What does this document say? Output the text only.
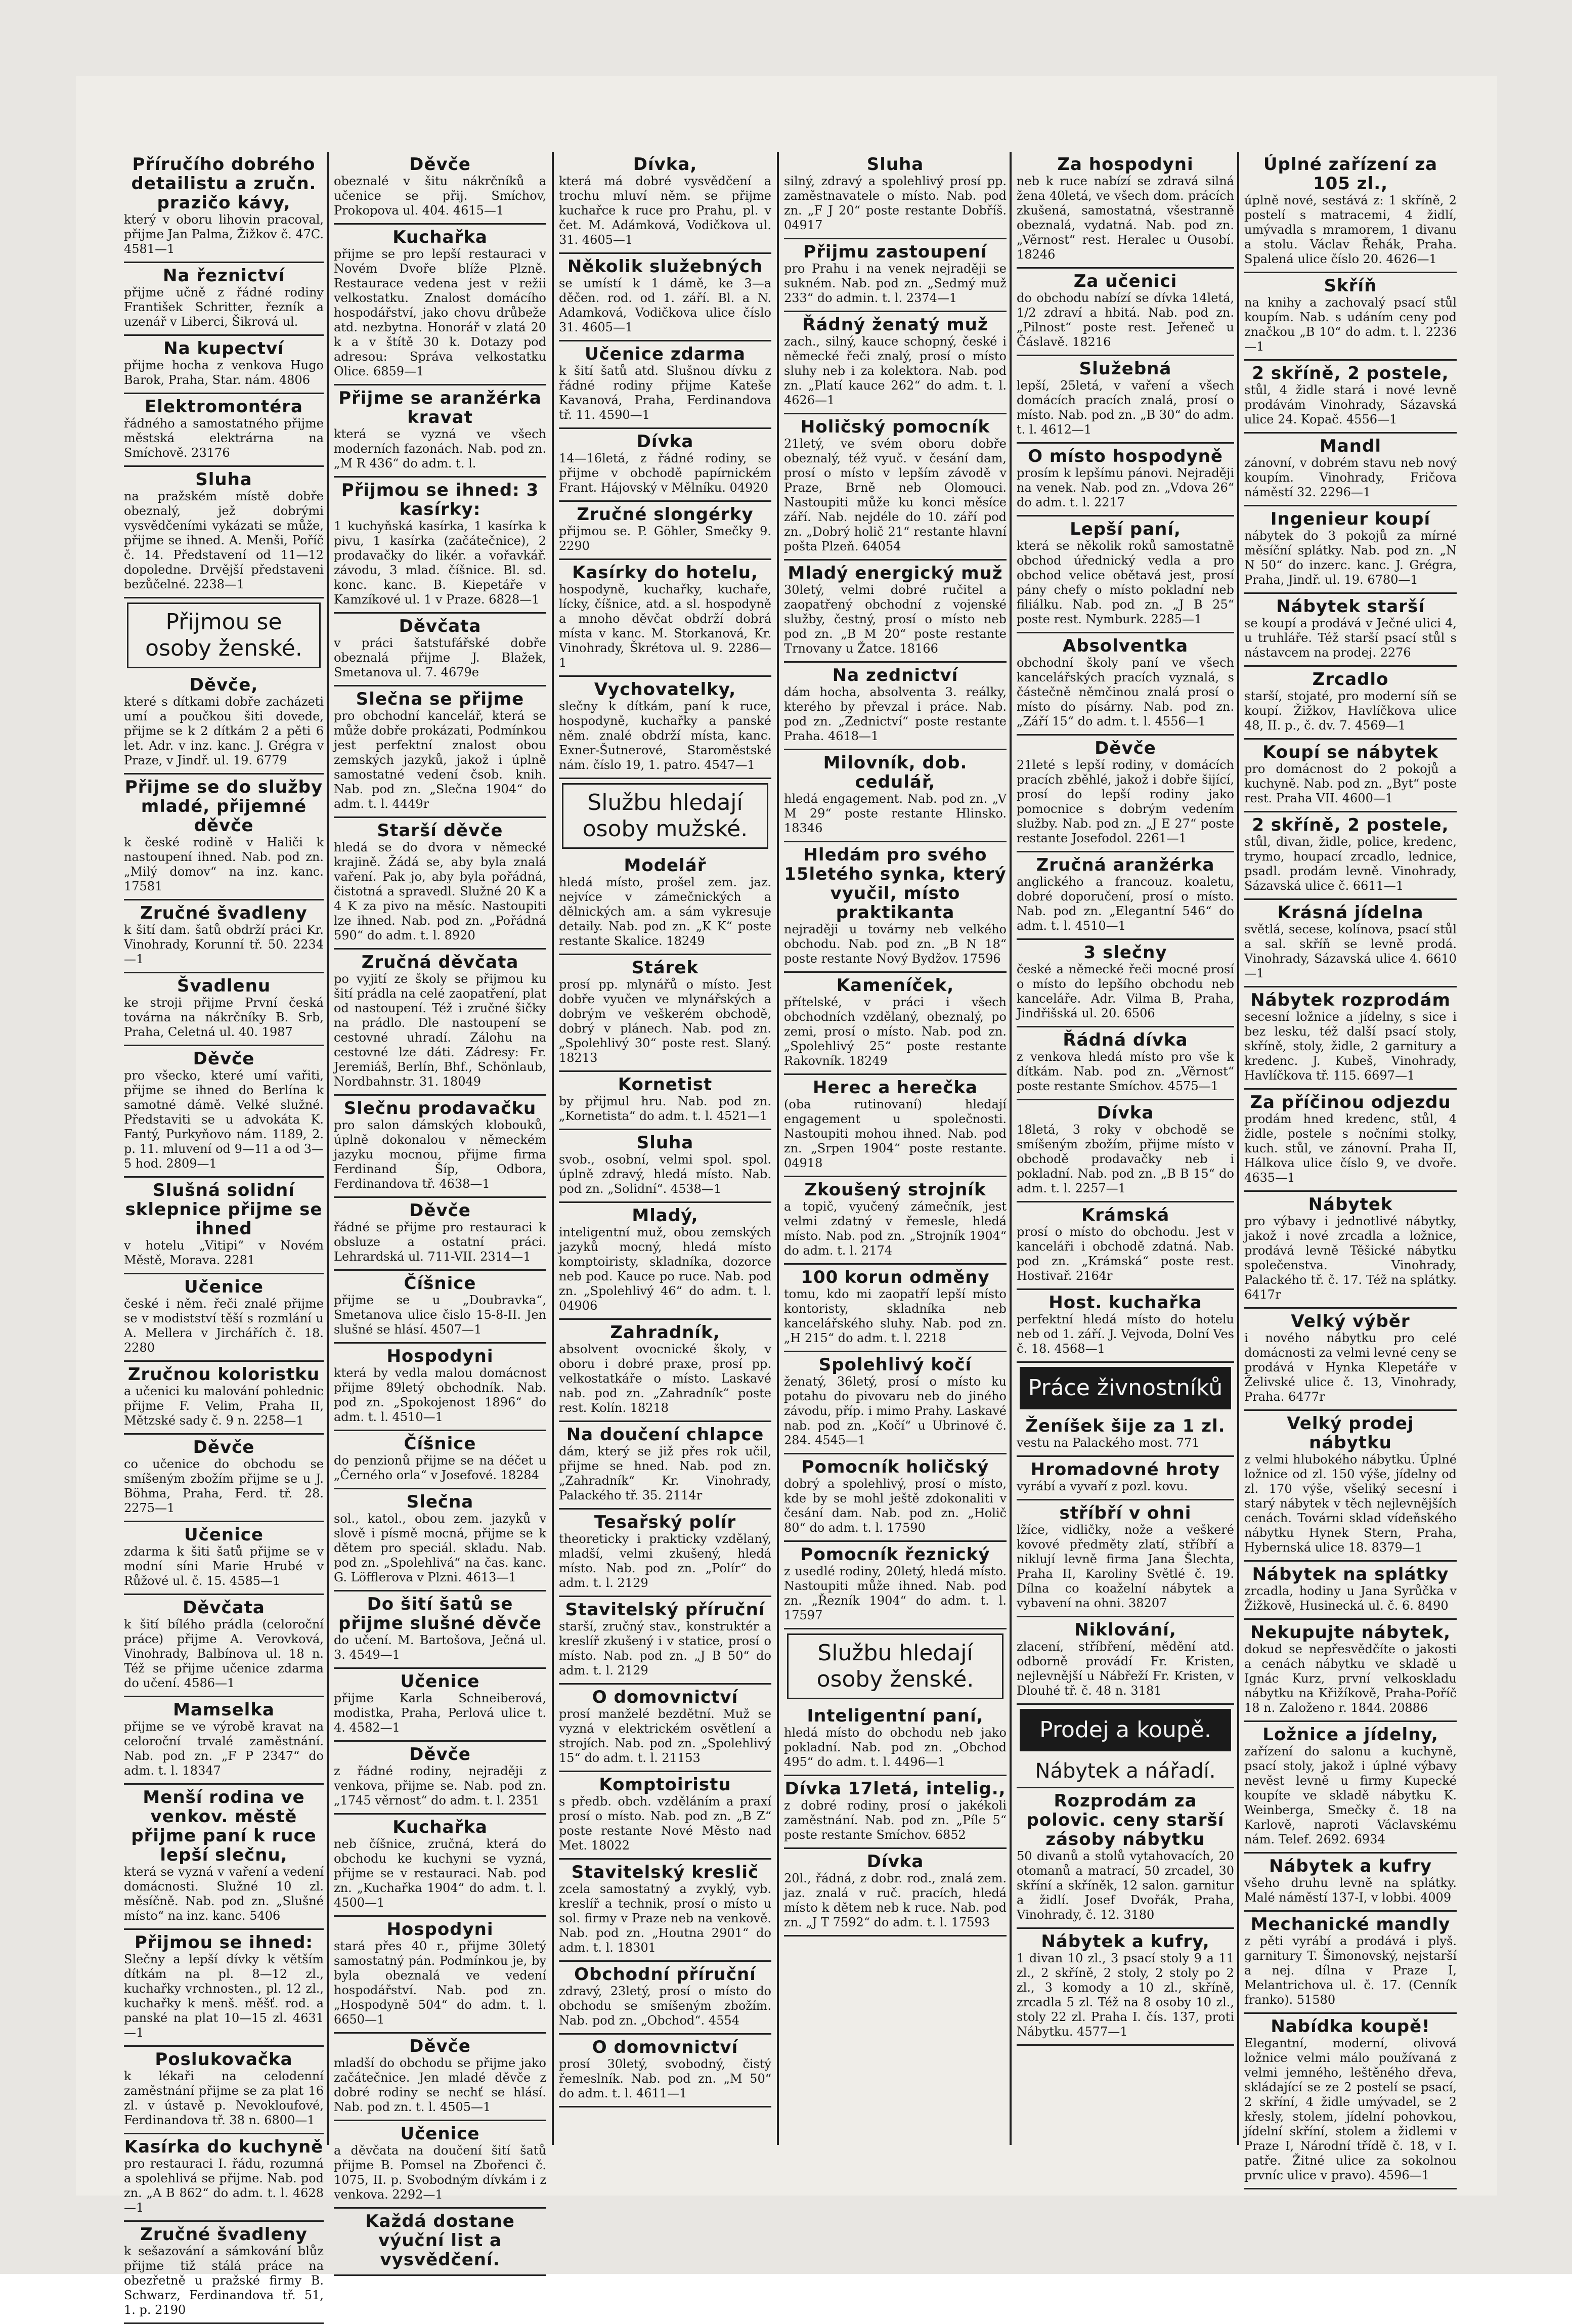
Příručího dobrého detailistu a zručn. prazičo kávy,
který v oboru lihovin pracoval, přijme Jan Palma, Žižkov č. 47C. 4581—1
Na řeznictví
přijme učně z řádné rodiny František Schritter, řezník a uzenář v Liberci, Šikrová ul.
Na kupectví
přijme hocha z venkova Hugo Barok, Praha, Star. nám. 4806
Elektromontéra
řádného a samostatného přijme městská elektrárna na Smíchově. 23176
Sluha
na pražském místě dobře obeznalý, jež dobrými vysvědčeními vykázati se může, přijme se ihned. A. Menši, Poříč č. 14. Představení od 11—12 dopoledne. Drvější představeni bezůčelné. 2238—1
Přijmou se osoby ženské.
Děvče,
které s dítkami dobře zacházeti umí a poučkou šiti dovede, přijme se k 2 dítkám 2 a pěti 6 let. Adr. v inz. kanc. J. Grégra v Praze, v Jindř. ul. 19. 6779
Přijme se do služby mladé, přijemné děvče
k české rodině v Haliči k nastoupení ihned. Nab. pod zn. „Milý domov“ na inz. kanc. 17581
Zručné švadleny
k šití dam. šatů obdrží práci Kr. Vinohrady, Korunní tř. 50. 2234—1
Švadlenu
ke stroji přijme První česká továrna na nákrčníky B. Srb, Praha, Celetná ul. 40. 1987
Děvče
pro všecko, které umí vařiti, přijme se ihned do Berlína k samotné dámě. Velké služné. Představiti se u advokáta K. Fantý, Purkyňovo nám. 1189, 2. p. 11. mluvení od 9—11 a od 3—5 hod. 2809—1
Slušná solidní sklepnice přijme se ihned
v hotelu „Vitipi“ v Novém Městě, Morava. 2281
Učenice
české i něm. řeči znalé přijme se v modistství těší s rozmlání u A. Mellera v Jirchářích č. 18. 2280
Zručnou koloristku
a učenici ku malování pohlednic přijme F. Velim, Praha II, Mětzské sady č. 9 n. 2258—1
Děvče
co učenice do obchodu se smíšeným zbožím přijme se u J. Böhma, Praha, Ferd. tř. 28. 2275—1
Učenice
zdarma k šiti šatů přijme se v modní síni Marie Hrubé v Růžové ul. č. 15. 4585—1
Děvčata
k šití bílého prádla (celoroční práce) přijme A. Verovková, Vinohrady, Balbínova ul. 18 n. Též se přijme učenice zdarma do učení. 4586—1
Mamselka
přijme se ve výrobě kravat na celoroční trvalé zaměstnání. Nab. pod zn. „F P 2347“ do adm. t. l. 18347
Menší rodina ve venkov. městě přijme paní k ruce lepší slečnu,
která se vyzná v vaření a vedení domácnosti. Služné 10 zl. měsíčně. Nab. pod zn. „Slušné místo“ na inz. kanc. 5406
Přijmou se ihned:
Slečny a lepší dívky k větším dítkám na pl. 8—12 zl., kuchařky vrchnosten., pl. 12 zl., kuchařky k menš. měšť. rod. a panské na plat 10—15 zl. 4631—1
Poslukovačka
k lékaři na celodenní zaměstnání přijme se za plat 16 zl. v ústavě p. Nevokloufové, Ferdinandova tř. 38 n. 6800—1
Kasírka do kuchyně
pro restauraci I. řádu, rozumná a spolehlivá se přijme. Nab. pod zn. „A B 862“ do adm. t. l. 4628—1
Zručné švadleny
k sešazování a sámkování blůz přijme tiž stálá práce na obezřetně u pražské firmy B. Schwarz, Ferdinandova tř. 51, 1. p. 2190
Děvče
obeznalé v šitu nákrčníků a učenice se přij. Smíchov, Prokopova ul. 404. 4615—1
Kuchařka
přijme se pro lepší restauraci v Novém Dvoře blíže Plzně. Restaurace vedena jest v režii velkostatku. Znalost domácího hospodářství, jako chovu drůbeže atd. nezbytna. Honorář v zlatá 20 k a v štítě 30 k. Dotazy pod adresou: Správa velkostatku Olice. 6859—1
Přijme se aranžérka kravat
která se vyzná ve všech moderních fazonách. Nab. pod zn. „M R 436“ do adm. t. l.
Přijmou se ihned: 3 kasírky:
1 kuchyňská kasírka, 1 kasírka k pivu, 1 kasírka (začátečnice), 2 prodavačky do likér. a vořavkář. závodu, 3 mlad. číšnice. Bl. sd. konc. kanc. B. Kiepetáře v Kamzíkové ul. 1 v Praze. 6828—1
Děvčata
v práci šatstufářské dobře obeznalá přijme J. Blažek, Smetanova ul. 7. 4679e
Slečna se přijme
pro obchodní kancelář, která se může dobře prokázati, Podmínkou jest perfektní znalost obou zemských jazyků, jakož i úplně samostatné vedení čsob. knih. Nab. pod zn. „Slečna 1904“ do adm. t. l. 4449r
Starší děvče
hledá se do dvora v německé krajině. Žádá se, aby byla znalá vaření. Pak jo, aby byla pořádná, čistotná a spravedl. Služné 20 K a 4 K za pivo na měsíc. Nastoupiti lze ihned. Nab. pod zn. „Pořádná 590“ do adm. t. l. 8920
Zručná děvčata
po vyjití ze školy se přijmou ku šití prádla na celé zaopatření, plat od nastoupení. Též i zručné šičky na prádlo. Dle nastoupení se cestovné uhradí. Zálohu na cestovné lze dáti. Zádresy: Fr. Jeremiáš, Berlín, Bhf., Schönlaub, Nordbahnstr. 31. 18049
Slečnu prodavačku
pro salon dámských klobouků, úplně dokonalou v německém jazyku mocnou, přijme firma Ferdinand Šíp, Odbora, Ferdinandova tř. 4638—1
Děvče
řádné se přijme pro restauraci k obsluze a ostatní práci. Lehrardská ul. 711-VII. 2314—1
Číšnice
přijme se u „Doubravka“, Smetanova ulice čislo 15-8-II. Jen slušné se hlásí. 4507—1
Hospodyni
která by vedla malou domácnost přijme 89letý obchodník. Nab. pod zn. „Spokojenost 1896“ do adm. t. l. 4510—1
Číšnice
do penzionů přijme se na déčet u „Černého orla“ v Josefové. 18284
Slečna
sol., katol., obou zem. jazyků v slově i písmě mocná, přijme se k dětem pro speciál. skladu. Nab. pod zn. „Spolehlivá“ na čas. kanc. G. Löfflerova v Plzni. 4613—1
Do šití šatů se přijme slušné děvče
do učení. M. Bartošova, Ječná ul. 3. 4549—1
Učenice
přijme Karla Schneiberová, modistka, Praha, Perlová ulice t. 4. 4582—1
Děvče
z řádné rodiny, nejraději z venkova, přijme se. Nab. pod zn. „1745 věrnost“ do adm. t. l. 2351
Kuchařka
neb číšnice, zručná, která do obchodu ke kuchyni se vyzná, přijme se v restauraci. Nab. pod zn. „Kuchařka 1904“ do adm. t. l. 4500—1
Hospodyni
stará přes 40 r., přijme 30letý samostatný pán. Podmínkou je, by byla obeznalá ve vedení hospodářství. Nab. pod zn. „Hospodyně 504“ do adm. t. l. 6650—1
Děvče
mladší do obchodu se přijme jako začátečnice. Jen mladé děvče z dobré rodiny se nechť se hlásí. Nab. pod zn. t. l. 4505—1
Učenice
a děvčata na doučení šití šatů přijme B. Pomsel na Zbořenci č. 1075, II. p. Svobodným dívkám i z venkova. 2292—1
Každá dostane výuční list a vysvědčení.
Dívka,
která má dobré vysvědčení a trochu mluví něm. se přijme kuchařce k ruce pro Prahu, pl. v čet. M. Adámková, Vodičkova ul. 31. 4605—1
Několik služebných
se umístí k 1 dámě, ke 3—a děčen. rod. od 1. září. Bl. a N. Adamková, Vodičkova ulice číslo 31. 4605—1
Učenice zdarma
k šití šatů atd. Slušnou dívku z řádné rodiny přijme Kateše Kavanová, Praha, Ferdinandova tř. 11. 4590—1
Dívka
14—16letá, z řádné rodiny, se přijme v obchodě papírnickém Frant. Hájovský v Mělníku. 04920
Zručné slongérky
přijmou se. P. Göhler, Smečky 9. 2290
Kasírky do hotelu,
hospodyně, kuchařky, kuchaře, lícky, číšnice, atd. a sl. hospodyně a mnoho děvčat obdrží dobrá místa v kanc. M. Storkanová, Kr. Vinohrady, Škrétova ul. 9. 2286—1
Vychovatelky,
slečny k dítkám, paní k ruce, hospodyně, kuchařky a panské něm. znalé obdrží místa, kanc. Exner-Šutnerové, Staroměstské nám. číslo 19, 1. patro. 4547—1
Službu hledají osoby mužské.
Modelář
hledá místo, prošel zem. jaz. nejvíce v zámečnických a dělnických am. a sám vykresuje detaily. Nab. pod zn. „K K“ poste restante Skalice. 18249
Stárek
prosí pp. mlynářů o místo. Jest dobře vyučen ve mlynářských a dobrým ve veškerém obchodě, dobrý v plánech. Nab. pod zn. „Spolehlivý 30“ poste rest. Slaný. 18213
Kornetist
by přijmul hru. Nab. pod zn. „Kornetista“ do adm. t. l. 4521—1
Sluha
svob., osobní, velmi spol. spol. úplně zdravý, hledá místo. Nab. pod zn. „Solidní“. 4538—1
Mladý,
inteligentní muž, obou zemských jazyků mocný, hledá místo komptoiristy, skladníka, dozorce neb pod. Kauce po ruce. Nab. pod zn. „Spolehlivý 46“ do adm. t. l. 04906
Zahradník,
absolvent ovocnické školy, v oboru i dobré praxe, prosí pp. velkostatkáře o místo. Laskavé nab. pod zn. „Zahradník“ poste rest. Kolín. 18218
Na doučení chlapce
dám, který se již přes rok učil, přijme se hned. Nab. pod zn. „Zahradník“ Kr. Vinohrady, Palackého tř. 35. 2114r
Tesařský polír
theoreticky i prakticky vzdělaný, mladší, velmi zkušený, hledá místo. Nab. pod zn. „Polír“ do adm. t. l. 2129
Stavitelský příruční
starší, zručný stav., konstruktér a kreslíř zkušený i v statice, prosí o místo. Nab. pod zn. „J B 50“ do adm. t. l. 2129
O domovnictví
prosí manželé bezdětní. Muž se vyzná v elektrickém osvětlení a strojích. Nab. pod zn. „Spolehlivý 15“ do adm. t. l. 21153
Komptoiristu
s předb. obch. vzděláním a praxí prosí o místo. Nab. pod zn. „B Z“ poste restante Nové Město nad Met. 18022
Stavitelský kreslič
zcela samostatný a zvyklý, vyb. kreslíř a technik, prosí o místo u sol. firmy v Praze neb na venkově. Nab. pod zn. „Houtna 2901“ do adm. t. l. 18301
Obchodní příruční
zdravý, 23letý, prosí o místo do obchodu se smíšeným zbožím. Nab. pod zn. „Obchod“. 4554
O domovnictví
prosí 30letý, svobodný, čistý řemeslník. Nab. pod zn. „M 50“ do adm. t. l. 4611—1
Sluha
silný, zdravý a spolehlivý prosí pp. zaměstnavatele o místo. Nab. pod zn. „F J 20“ poste restante Dobříš. 04917
Přijmu zastoupení
pro Prahu i na venek nejraději se sukném. Nab. pod zn. „Sedmý muž 233“ do admin. t. l. 2374—1
Řádný ženatý muž
zach., silný, kauce schopný, české i německé řeči znalý, prosí o místo sluhy neb i za kolektora. Nab. pod zn. „Platí kauce 262“ do adm. t. l. 4626—1
Holičský pomocník
21letý, ve svém oboru dobře obeznalý, též vyuč. v česání dam, prosí o místo v lepším závodě v Praze, Brně neb Olomouci. Nastoupiti může ku konci měsíce září. Nab. nejdéle do 10. září pod zn. „Dobrý holič 21“ restante hlavní pošta Plzeň. 64054
Mladý energický muž
30letý, velmi dobré ručitel a zaopatřený obchodní z vojenské služby, čestný, prosí o místo neb pod zn. „B M 20“ poste restante Trnovany u Žatce. 18166
Na zednictví
dám hocha, absolventa 3. reálky, kterého by převzal i práce. Nab. pod zn. „Zednictví“ poste restante Praha. 4618—1
Milovník, dob. cedulář,
hledá engagement. Nab. pod zn. „V M 29“ poste restante Hlinsko. 18346
Hledám pro svého 15letého synka, který vyučil, místo praktikanta
nejraději u továrny neb velkého obchodu. Nab. pod zn. „B N 18“ poste restante Nový Bydžov. 17596
Kameníček,
přítelské, v práci i všech obchodních vzdělaný, obeznalý, po zemi, prosí o místo. Nab. pod zn. „Spolehlivý 25“ poste restante Rakovník. 18249
Herec a herečka
(oba rutinovaní) hledají engagement u společnosti. Nastoupiti mohou ihned. Nab. pod zn. „Srpen 1904“ poste restante. 04918
Zkoušený strojník
a topič, vyučený zámečník, jest velmi zdatný v řemesle, hledá místo. Nab. pod zn. „Strojník 1904“ do adm. t. l. 2174
100 korun odměny
tomu, kdo mi zaopatří lepší místo kontoristy, skladníka neb kancelářského sluhy. Nab. pod zn. „H 215“ do adm. t. l. 2218
Spolehlivý kočí
ženatý, 36letý, prosí o místo ku potahu do pivovaru neb do jiného závodu, příp. i mimo Prahy. Laskavé nab. pod zn. „Kočí“ u Ubrinové č. 284. 4545—1
Pomocník holičský
dobrý a spolehlivý, prosí o místo, kde by se mohl ještě zdokonaliti v česání dam. Nab. pod zn. „Holič 80“ do adm. t. l. 17590
Pomocník řeznický
z usedlé rodiny, 20letý, hledá místo. Nastoupiti může ihned. Nab. pod zn. „Řezník 1904“ do adm. t. l. 17597
Službu hledají osoby ženské.
Inteligentní paní,
hledá místo do obchodu neb jako pokladní. Nab. pod zn. „Obchod 495“ do adm. t. l. 4496—1
Dívka 17letá, intelig.,
z dobré rodiny, prosí o jakékoli zaměstnání. Nab. pod zn. „Píle 5“ poste restante Smíchov. 6852
Dívka
20l., řádná, z dobr. rod., znalá zem. jaz. znalá v ruč. pracích, hledá místo k dětem neb k ruce. Nab. pod zn. „J T 7592“ do adm. t. l. 17593
Za hospodyni
neb k ruce nabízí se zdravá silná žena 40letá, ve všech dom. prácích zkušená, samostatná, všestranně obeznalá, vydatná. Nab. pod zn. „Věrnost“ rest. Heralec u Ousobí. 18246
Za učenici
do obchodu nabízí se dívka 14letá, 1/2 zdraví a hbitá. Nab. pod zn. „Pilnost“ poste rest. Jeřeneč u Čáslavě. 18216
Služebná
lepší, 25letá, v vaření a všech domácích pracích znalá, prosí o místo. Nab. pod zn. „B 30“ do adm. t. l. 4612—1
O místo hospodyně
prosím k lepšímu pánovi. Nejraději na venek. Nab. pod zn. „Vdova 26“ do adm. t. l. 2217
Lepší paní,
která se několik roků samostatně obchod úřednický vedla a pro obchod velice obětavá jest, prosí pány chefy o místo pokladní neb filiálku. Nab. pod zn. „J B 25“ poste rest. Nymburk. 2285—1
Absolventka
obchodní školy paní ve všech kancelářských pracích vyznalá, s částečně němčinou znalá prosí o místo do písárny. Nab. pod zn. „Září 15“ do adm. t. l. 4556—1
Děvče
21leté s lepší rodiny, v domácích pracích zběhlé, jakož i dobře šijící, prosí do lepší rodiny jako pomocnice s dobrým vedením služby. Nab. pod zn. „J E 27“ poste restante Josefodol. 2261—1
Zručná aranžérka
anglického a francouz. koaletu, dobré doporučení, prosí o místo. Nab. pod zn. „Elegantní 546“ do adm. t. l. 4510—1
3 slečny
české a německé řeči mocné prosí o místo do lepšího obchodu neb kanceláře. Adr. Vilma B, Praha, Jindřišská ul. 20. 6506
Řádná dívka
z venkova hledá místo pro vše k dítkám. Nab. pod zn. „Věrnost“ poste restante Smíchov. 4575—1
Dívka
18letá, 3 roky v obchodě se smíšeným zbožím, přijme místo v obchodě prodavačky neb i pokladní. Nab. pod zn. „B B 15“ do adm. t. l. 2257—1
Krámská
prosí o místo do obchodu. Jest v kanceláři i obchodě zdatná. Nab. pod zn. „Krámská“ poste rest. Hostivař. 2164r
Host. kuchařka
perfektní hledá místo do hotelu neb od 1. září. J. Vejvoda, Dolní Ves č. 18. 4568—1
Práce živnostníků
Ženíšek šije za 1 zl.
vestu na Palackého most. 771
Hromadovné hroty
vyrábí a vyvaří z pozl. kovu.
stříbří v ohni
lžíce, vidličky, nože a veškeré kovové předměty zlatí, stříbří a niklují levně firma Jana Šlechta, Praha II, Karoliny Světlé č. 19. Dílna co koaželní nábytek a vybavení na ohni. 38207
Niklování,
zlacení, stříbření, mědění atd. odborně provádí Fr. Kristen, nejlevnější u Nábřeží Fr. Kristen, v Dlouhé tř. č. 48 n. 3181
Prodej a koupě.
Nábytek a nářadí.
Rozprodám za polovic. ceny starší zásoby nábytku
50 divanů a stolů vytahovacích, 20 otomanů a matrací, 50 zrcadel, 30 skříní a skříněk, 12 salon. garnitur a židlí. Josef Dvořák, Praha, Vinohrady, č. 12. 3180
Nábytek a kufry,
1 divan 10 zl., 3 psací stoly 9 a 11 zl., 2 skříně, 2 stoly, 2 stoly po 2 zl., 3 komody a 10 zl., skříně, zrcadla 5 zl. Též na 8 osoby 10 zl., stoly 22 zl. Praha I. čís. 137, proti Nábytku. 4577—1
Úplné zařízení za 105 zl.,
úplně nové, sestává z: 1 skříně, 2 postelí s matracemi, 4 židlí, umývadla s mramorem, 1 divanu a stolu. Václav Řehák, Praha. Spalená ulice číslo 20. 4626—1
Skříň
na knihy a zachovalý psací stůl koupím. Nab. s udáním ceny pod značkou „B 10“ do adm. t. l. 2236—1
2 skříně, 2 postele,
stůl, 4 židle stará i nové levně prodávám Vinohrady, Sázavská ulice 24. Kopač. 4556—1
Mandl
zánovní, v dobrém stavu neb nový koupím. Vinohrady, Fričova náměstí 32. 2296—1
Ingenieur koupí
nábytek do 3 pokojů za mírné měsíční splátky. Nab. pod zn. „N N 50“ do inzerc. kanc. J. Grégra, Praha, Jindř. ul. 19. 6780—1
Nábytek starší
se koupí a prodává v Ječné ulici 4, u truhláře. Též starší psací stůl s nástavcem na prodej. 2276
Zrcadlo
starší, stojaté, pro moderní síň se koupí. Žižkov, Havlíčkova ulice 48, II. p., č. dv. 7. 4569—1
Koupí se nábytek
pro domácnost do 2 pokojů a kuchyně. Nab. pod zn. „Byt“ poste rest. Praha VII. 4600—1
2 skříně, 2 postele,
stůl, divan, židle, police, kredenc, trymo, houpací zrcadlo, lednice, psadl. prodám levně. Vinohrady, Sázavská ulice č. 6611—1
Krásná jídelna
světlá, secese, kolínova, psací stůl a sal. skříň se levně prodá. Vinohrady, Sázavská ulice 4. 6610—1
Nábytek rozprodám
secesní ložnice a jídelny, s sice i bez lesku, též další psací stoly, skříně, stoly, židle, 2 garnitury a kredenc. J. Kubeš, Vinohrady, Havlíčkova tř. 115. 6697—1
Za příčinou odjezdu
prodám hned kredenc, stůl, 4 židle, postele s nočními stolky, kuch. stůl, ve zánovní. Praha II, Hálkova ulice číslo 9, ve dvoře. 4635—1
Nábytek
pro výbavy i jednotlivé nábytky, jakož i nové zrcadla a ložnice, prodává levně Těšické nábytku společenstva. Vinohrady, Palackého tř. č. 17. Též na splátky. 6417r
Velký výběr
i nového nábytku pro celé domácnosti za velmi levné ceny se prodává v Hynka Klepetáře v Želivské ulice č. 13, Vinohrady, Praha. 6477r
Velký prodej nábytku
z velmi hlubokého nábytku. Úplné ložnice od zl. 150 výše, jídelny od zl. 170 výše, všeliký secesní i starý nábytek v těch nejlevnějších cenách. Továrni sklad vídeňského nábytku Hynek Stern, Praha, Hybernská ulice 18. 8379—1
Nábytek na splátky
zrcadla, hodiny u Jana Syrůčka v Žižkově, Husinecká ul. č. 6. 8490
Nekupujte nábytek,
dokud se nepřesvědčíte o jakosti a cenách nábytku ve skladě u Ignác Kurz, první velkoskladu nábytku na Křižíkově, Praha-Poříč 18 n. Založeno r. 1844. 20886
Ložnice a jídelny,
zařízení do salonu a kuchyně, psací stoly, jakož i úplné výbavy nevěst levně u firmy Kupecké koupíte ve skladě nábytku K. Weinberga, Smečky č. 18 na Karlově, naproti Václavskému nám. Telef. 2692. 6934
Nábytek a kufry
všeho druhu levně na splátky. Malé náměstí 137-I, v lobbi. 4009
Mechanické mandly
z pěti vyrábí a prodává i plyš. garnitury T. Šimonovský, nejstarší a nej. dílna v Praze I, Melantrichova ul. č. 17. (Cenník franko). 51580
Nabídka koupě!
Elegantní, moderní, olivová ložnice velmi málo používaná z velmi jemného, leštěného dřeva, skládající se ze 2 postelí se psací, 2 skříní, 4 židle umývadel, se 2 křesly, stolem, jídelní pohovkou, jídelní skříní, stolem a židlemi v Praze I, Národní třídě č. 18, v I. patře. Žitné ulice za sokolnou prvníc ulice v pravo). 4596—1
